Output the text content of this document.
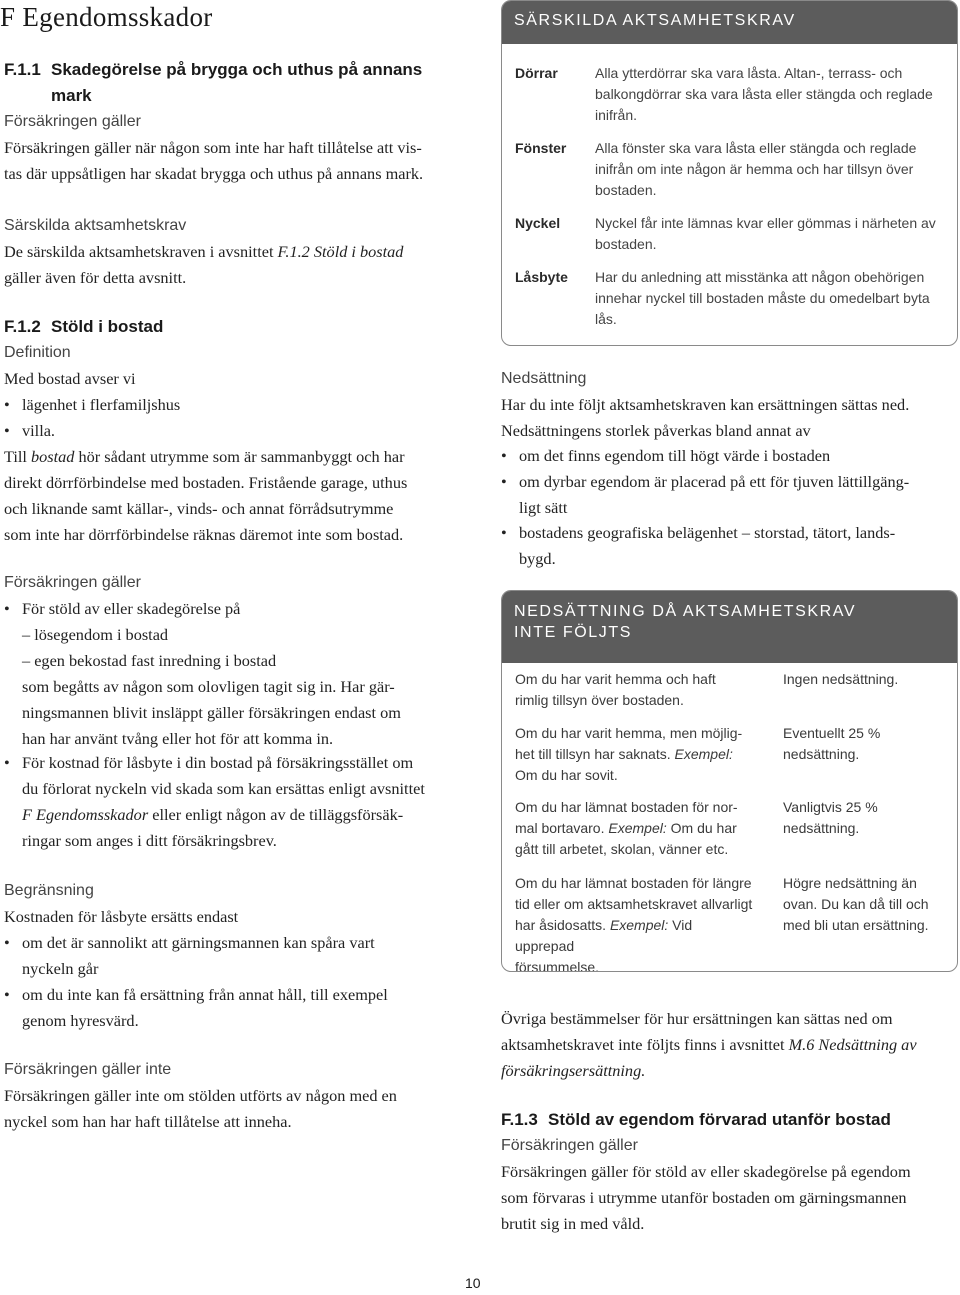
F Egendomsskador
F.1.1 Skadegörelse på brygga och uthus på annans
mark
Försäkringen gäller
Försäkringen gäller när någon som inte har haft tillåtelse att vis-
tas där uppsåtligen har skadat brygga och uthus på annans mark.
Särskilda aktsamhetskrav
De särskilda aktsamhetskraven i avsnittet F.1.2 Stöld i bostad
gäller även för detta avsnitt.
F.1.2 Stöld i bostad
Definition
Med bostad avser vi
• lägenhet i flerfamiljshus
• villa.
Till bostad hör sådant utrymme som är sammanbyggt och har
direkt dörrförbindelse med bostaden. Fristående garage, uthus
och liknande samt källar-, vinds- och annat förrådsutrymme
som inte har dörrförbindelse räknas däremot inte som bostad.
Försäkringen gäller
• För stöld av eller skadegörelse på
– lösegendom i bostad
– egen bekostad fast inredning i bostad
som begåtts av någon som olovligen tagit sig in. Har gär-
ningsmannen blivit insläppt gäller försäkringen endast om
han har använt tvång eller hot för att komma in.
• För kostnad för låsbyte i din bostad på försäkringsstället om
du förlorat nyckeln vid skada som kan ersättas enligt avsnittet
F Egendomsskador eller enligt någon av de tilläggsförsäk-
ringar som anges i ditt försäkringsbrev.
Begränsning
Kostnaden för låsbyte ersätts endast
• om det är sannolikt att gärningsmannen kan spåra vart
nyckeln går
• om du inte kan få ersättning från annat håll, till exempel
genom hyresvärd.
Försäkringen gäller inte
Försäkringen gäller inte om stölden utförts av någon med en
nyckel som han har haft tillåtelse att inneha.
SÄRSKILDA AKTSAMHETSKRAV
Dörrar	Alla ytterdörrar ska vara låsta. Altan-, terrass- och
balkongdörrar ska vara låsta eller stängda och reglade
inifrån.
Fönster Alla fönster ska vara låsta eller stängda och reglade
inifrån om inte någon är hemma och har tillsyn över
bostaden.
Nyckel Nyckel får inte lämnas kvar eller gömmas i närheten av
bostaden.
Låsbyte Har du anledning att misstänka att någon obehörigen
innehar nyckel till bostaden måste du omedelbart byta
lås.
Nedsättning
Har du inte följt aktsamhetskraven kan ersättningen sättas ned.
Nedsättningens storlek påverkas bland annat av
• om det finns egendom till högt värde i bostaden
• om dyrbar egendom är placerad på ett för tjuven lättillgäng-
ligt sätt
• bostadens geografiska belägenhet – storstad, tätort, lands-
bygd.
NEDSÄTTNING DÅ AKTSAMHETSKRAV
INTE FÖLJTS
Om du har varit hemma och haft
rimlig tillsyn över bostaden.
Ingen nedsättning.
Om du har varit hemma, men möjlig-
het till tillsyn har saknats. Exempel:
Om du har sovit.
Eventuellt 25 %
nedsättning.
Om du har lämnat bostaden för nor-
mal bortavaro. Exempel: Om du har
gått till arbetet, skolan, vänner etc.
Vanligtvis 25 %
nedsättning.
Om du har lämnat bostaden för längre
tid eller om aktsamhetskravet allvarligt
har åsidosatts. Exempel: Vid upprepad
försummelse.
Högre nedsättning än
ovan. Du kan då till och
med bli utan ersättning.
Övriga bestämmelser för hur ersättningen kan sättas ned om
aktsamhetskravet inte följts finns i avsnittet M.6 Nedsättning av
försäkringsersättning.
F.1.3 Stöld av egendom förvarad utanför bostad
Försäkringen gäller
Försäkringen gäller för stöld av eller skadegörelse på egendom
som förvaras i utrymme utanför bostaden om gärningsmannen
brutit sig in med våld.
10
